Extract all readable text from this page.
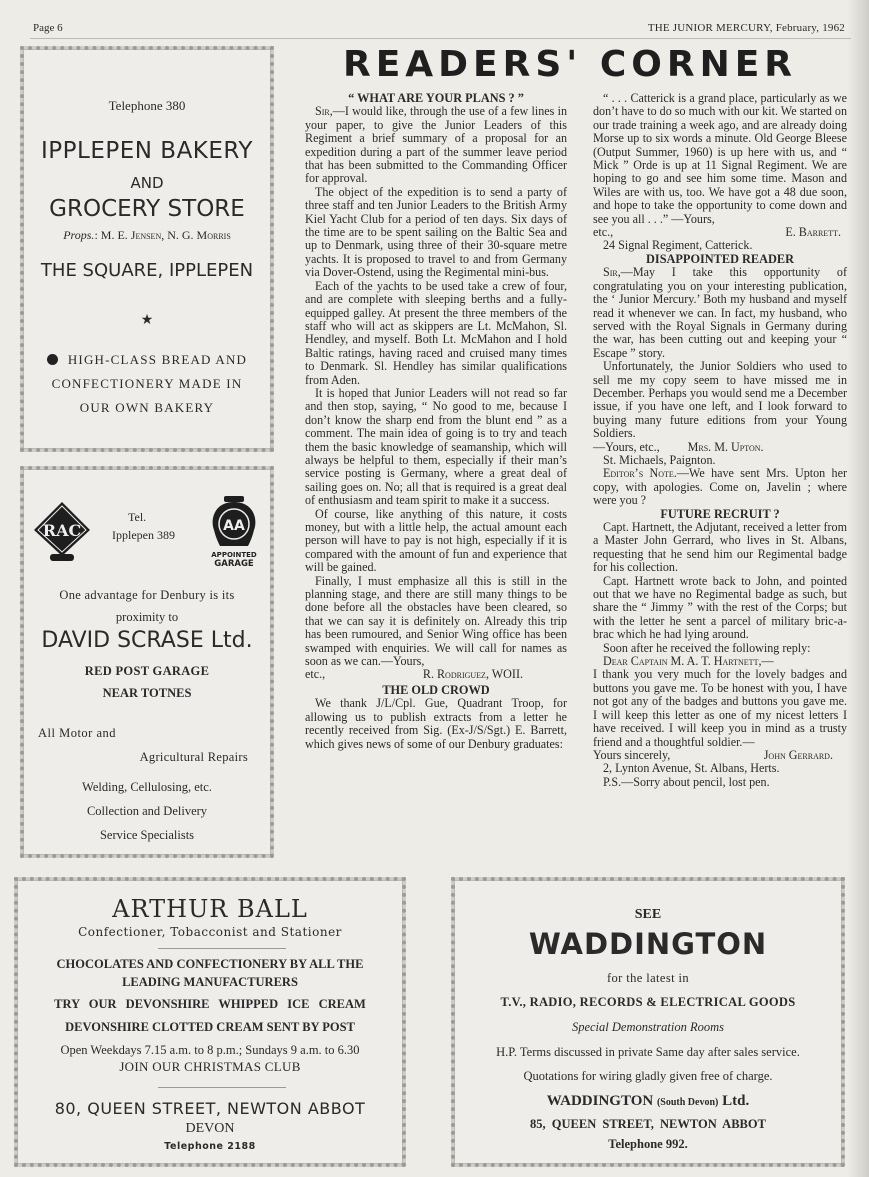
Page 6	THE JUNIOR MERCURY, February, 1962
Telephone 380
IPPLEPEN BAKERY
AND
GROCERY STORE
Props.: M. E. Jensen, N. G. Morris
THE SQUARE, IPPLEPEN
★
HIGH-CLASS BREAD AND
CONFECTIONERY MADE IN
OUR OWN BAKERY
RAC
Tel.
Ipplepen 389
AA
APPOINTED
GARAGE
One advantage for Denbury is its
proximity to
DAVID SCRASE Ltd.
RED POST GARAGE
NEAR TOTNES
All Motor and
Agricultural Repairs
Welding, Cellulosing, etc.
Collection and Delivery
Service Specialists
READERS' CORNER

“ WHAT ARE YOUR PLANS ? ”

Sir,—I would like, through the use of a few lines in your paper, to give the Junior Leaders of this Regiment a brief summary of a proposal for an expedition during a part of the summer leave period that has been submitted to the Commanding Officer for approval.

The object of the expedition is to send a party of three staff and ten Junior Leaders to the British Army Kiel Yacht Club for a period of ten days. Six days of the time are to be spent sailing on the Baltic Sea and up to Denmark, using three of their 30-square metre yachts. It is proposed to travel to and from Germany via Dover-Ostend, using the Regimental mini-bus.

Each of the yachts to be used take a crew of four, and are complete with sleeping berths and a fully-equipped galley. At present the three members of the staff who will act as skippers are Lt. McMahon, Sl. Hendley, and myself. Both Lt. McMahon and I hold Baltic ratings, having raced and cruised many times to Denmark. Sl. Hendley has similar qualifications from Aden.

It is hoped that Junior Leaders will not read so far and then stop, saying, “ No good to me, because I don’t know the sharp end from the blunt end ” as a comment. The main idea of going is to try and teach them the basic knowledge of seamanship, which will always be helpful to them, especially if their man’s service posting is Germany, where a great deal of sailing goes on. No; all that is required is a great deal of enthusiasm and team spirit to make it a success.

Of course, like anything of this nature, it costs money, but with a little help, the actual amount each person will have to pay is not high, especially if it is compared with the amount of fun and experience that will be gained.

Finally, I must emphasize all this is still in the planning stage, and there are still many things to be done before all the obstacles have been cleared, so that we can say it is definitely on. Already this trip has been rumoured, and Senior Wing office has been swamped with enquiries. We will call for names as soon as we can.—Yours,

etc.,	R. Rodriguez, WOII.

THE OLD CROWD

We thank J/L/Cpl. Gue, Quadrant Troop, for allowing us to publish extracts from a letter he recently received from Sig. (Ex-J/S/Sgt.) E. Barrett, which gives news of some of our Denbury graduates:

“ . . . Catterick is a grand place, particularly as we don’t have to do so much with our kit. We started on our trade training a week ago, and are already doing Morse up to six words a minute. Old George Bleese (Output Summer, 1960) is up here with us, and “ Mick ” Orde is up at 11 Signal Regiment. We are hoping to go and see him some time. Mason and Wiles are with us, too. We have got a 48 due soon, and hope to take the opportunity to come down and see you all . . .” —Yours,

etc.,	E. Barrett.

24 Signal Regiment, Catterick.

DISAPPOINTED READER

Sir,—May I take this opportunity of congratulating you on your interesting publication, the ‘ Junior Mercury.’ Both my husband and myself read it whenever we can. In fact, my husband, who served with the Royal Signals in Germany during the war, has been cutting out and keeping your “ Escape ” story.

Unfortunately, the Junior Soldiers who used to sell me my copy seem to have missed me in December. Perhaps you would send me a December issue, if you have one left, and I look forward to buying many future editions from your Young Soldiers.

—Yours, etc., Mrs. M. Upton.

St. Michaels, Paignton.

Editor’s Note.—We have sent Mrs. Upton her copy, with apologies. Come on, Javelin ; where were you ?

FUTURE RECRUIT ?

Capt. Hartnett, the Adjutant, received a letter from a Master John Gerrard, who lives in St. Albans, requesting that he send him our Regimental badge for his collection.

Capt. Hartnett wrote back to John, and pointed out that we have no Regimental badge as such, but share the “ Jimmy ” with the rest of the Corps; but with the letter he sent a parcel of military bric-a-brac which he had lying around.

Soon after he received the following reply:

Dear Captain M. A. T. Hartnett,—

I thank you very much for the lovely badges and buttons you gave me. To be honest with you, I have not got any of the badges and buttons you gave me. I will keep this letter as one of my nicest letters I have received. I will keep you in mind as a trusty friend and a thoughtful soldier.—

Yours sincerely,	John Gerrard.

2, Lynton Avenue, St. Albans, Herts.

P.S.—Sorry about pencil, lost pen.

ARTHUR BALL
Confectioner, Tobacconist and Stationer
CHOCOLATES AND CONFECTIONERY BY ALL THE
LEADING MANUFACTURERS
TRY OUR DEVONSHIRE WHIPPED ICE CREAM
DEVONSHIRE CLOTTED CREAM SENT BY POST
Open Weekdays 7.15 a.m. to 8 p.m.; Sundays 9 a.m. to 6.30
JOIN OUR CHRISTMAS CLUB
80, QUEEN STREET, NEWTON ABBOT
DEVON
Telephone 2188
SEE
WADDINGTON
for the latest in
T.V., RADIO, RECORDS & ELECTRICAL GOODS
Special Demonstration Rooms
H.P. Terms discussed in private Same day after sales service.
Quotations for wiring gladly given free of charge.
WADDINGTON (South Devon) Ltd.
85, QUEEN STREET, NEWTON ABBOT
Telephone 992.
